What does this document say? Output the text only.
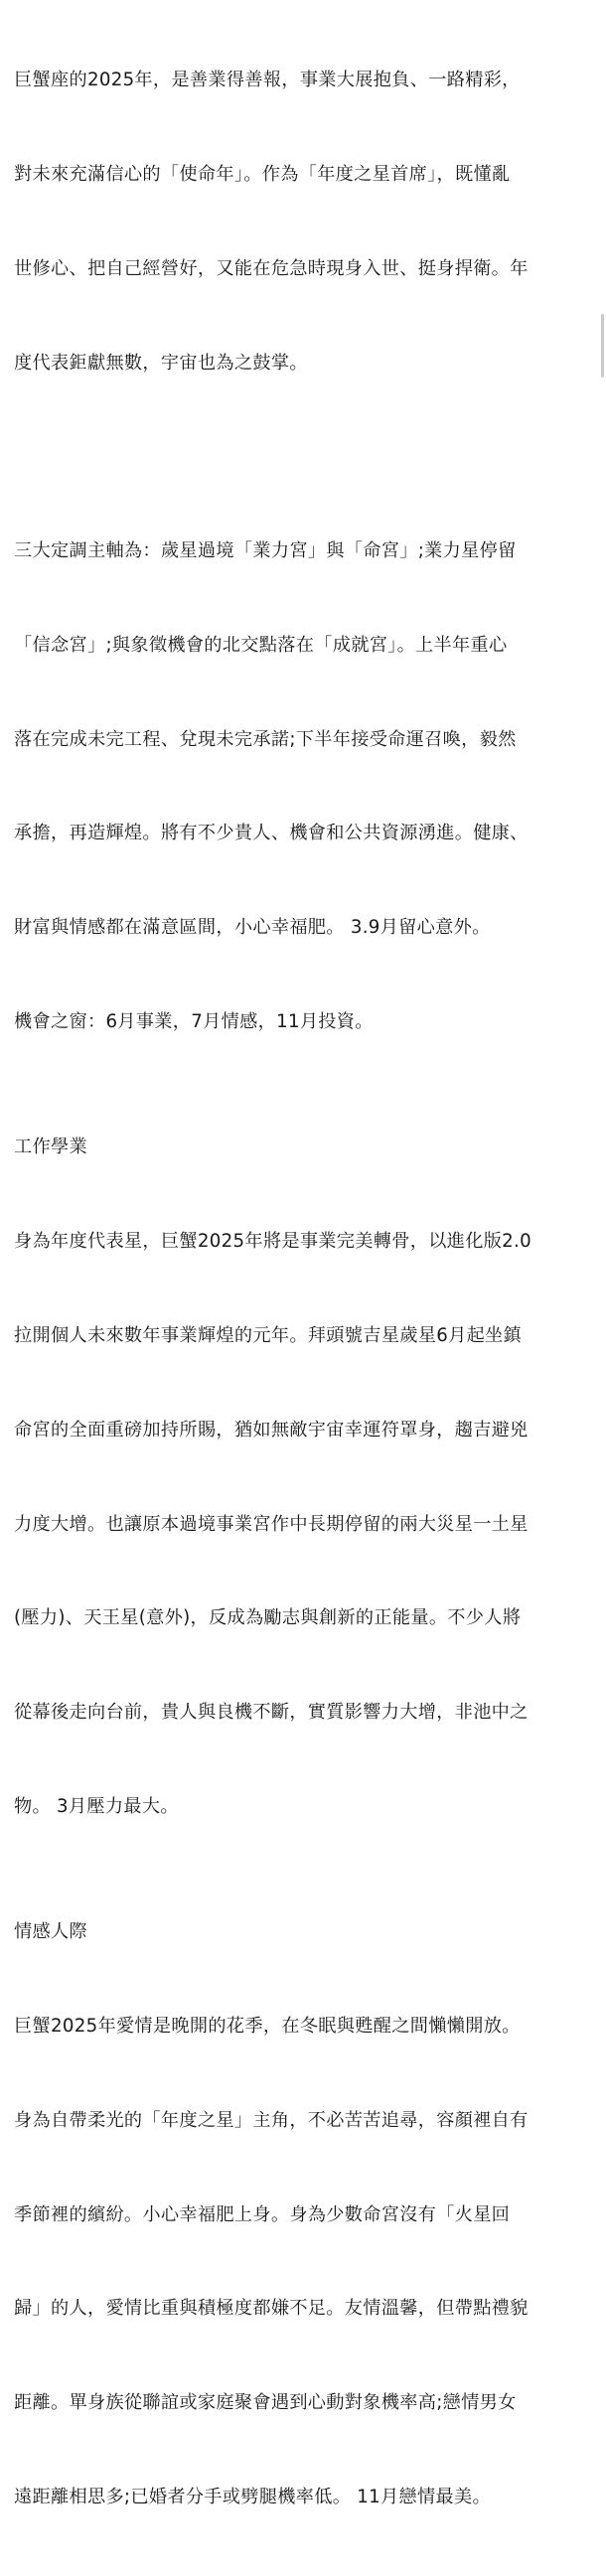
巨蟹座的2025年，是善業得善報，事業大展抱負、一路精彩，

對未來充滿信心的「使命年」。作為「年度之星首席」，既懂亂

世修心、把自己經營好，又能在危急時現身入世、挺身捍衛。年

度代表鉅獻無數，宇宙也為之鼓掌。

三大定調主軸為：歲星過境「業力宮」與「命宮」;業力星停留

「信念宮」;與象徵機會的北交點落在「成就宮」。上半年重心

落在完成未完工程、兌現未完承諾;下半年接受命運召喚，毅然

承擔，再造輝煌。將有不少貴人、機會和公共資源湧進。健康、

財富與情感都在滿意區間，小心幸福肥。 3.9月留心意外。

機會之窗：6月事業，7月情感，11月投資。

工作學業

身為年度代表星，巨蟹2025年將是事業完美轉骨，以進化版2.0

拉開個人未來數年事業輝煌的元年。拜頭號吉星歲星6月起坐鎮

命宮的全面重磅加持所賜，猶如無敵宇宙幸運符罩身，趨吉避兇

力度大增。也讓原本過境事業宮作中長期停留的兩大災星一土星

(壓力)、天王星(意外)，反成為勵志與創新的正能量。不少人將

從幕後走向台前，貴人與良機不斷，實質影響力大增，非池中之

物。 3月壓力最大。

情感人際

巨蟹2025年愛情是晚開的花季，在冬眠與甦醒之間懶懶開放。

身為自帶柔光的「年度之星」主角，不必苦苦追尋，容顏裡自有

季節裡的繽紛。小心幸福肥上身。身為少數命宮沒有「火星回

歸」的人，愛情比重與積極度都嫌不足。友情溫馨，但帶點禮貌

距離。單身族從聯誼或家庭聚會遇到心動對象機率高;戀情男女

遠距離相思多;已婚者分手或劈腿機率低。 11月戀情最美。
